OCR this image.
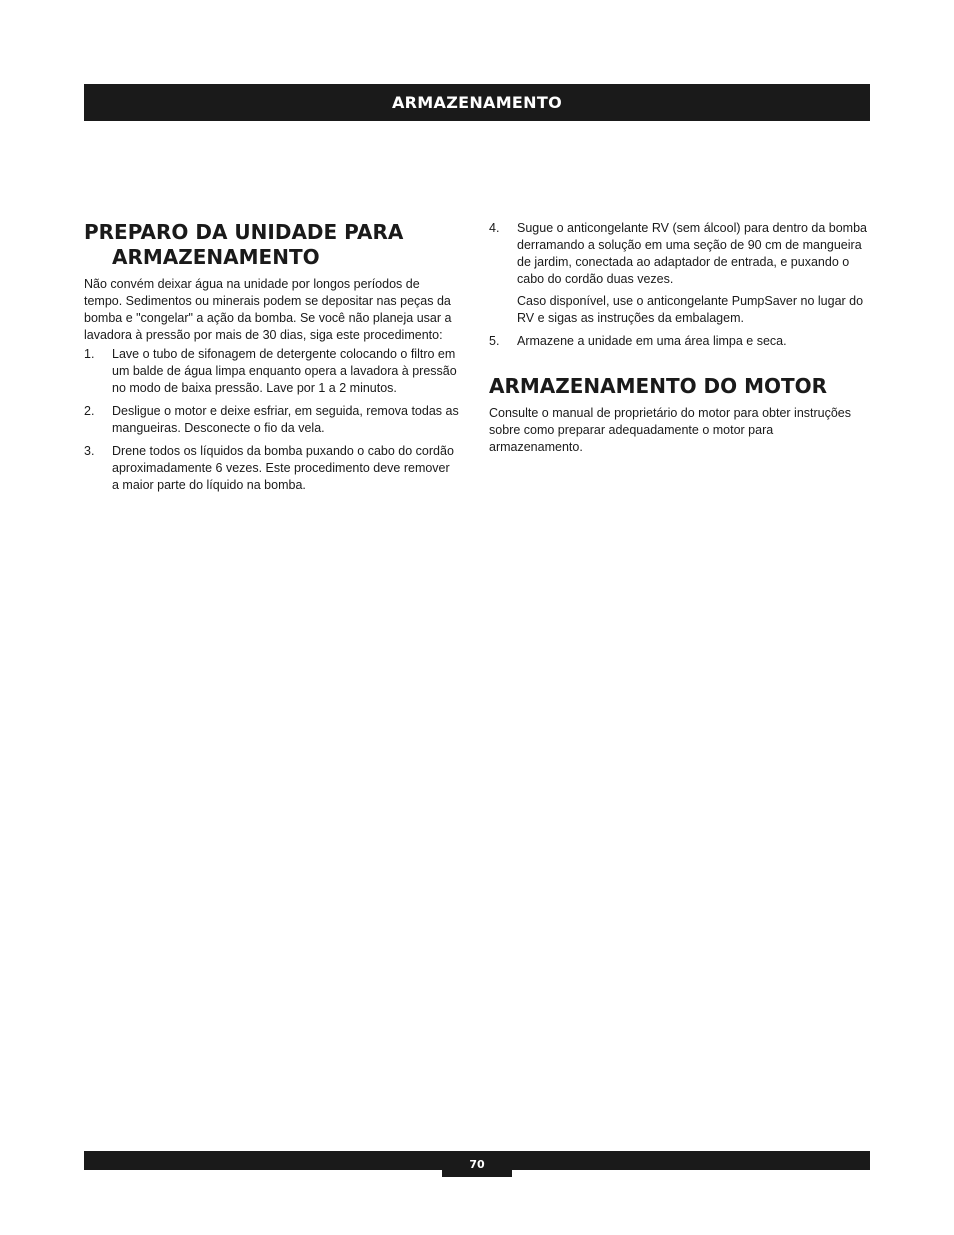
ARMAZENAMENTO
PREPARO DA UNIDADE PARA
ARMAZENAMENTO

Não convém deixar água na unidade por longos períodos de tempo. Sedimentos ou minerais podem se depositar nas peças da bomba e "congelar" a ação da bomba. Se você não planeja usar a lavadora à pressão por mais de 30 dias, siga este procedimento:

1. Lave o tubo de sifonagem de detergente colocando o filtro em um balde de água limpa enquanto opera a lavadora à pressão no modo de baixa pressão. Lave por 1 a 2 minutos.
2. Desligue o motor e deixe esfriar, em seguida, remova todas as mangueiras. Desconecte o fio da vela.
3. Drene todos os líquidos da bomba puxando o cabo do cordão aproximadamente 6 vezes. Este procedimento deve remover a maior parte do líquido na bomba.
4. Sugue o anticongelante RV (sem álcool) para dentro da bomba derramando a solução em uma seção de 90 cm de mangueira de jardim, conectada ao adaptador de entrada, e puxando o cabo do cordão duas vezes.
Caso disponível, use o anticongelante PumpSaver no lugar do RV e sigas as instruções da embalagem.
5. Armazene a unidade em uma área limpa e seca.
ARMAZENAMENTO DO MOTOR

Consulte o manual de proprietário do motor para obter instruções sobre como preparar adequadamente o motor para armazenamento.

70
